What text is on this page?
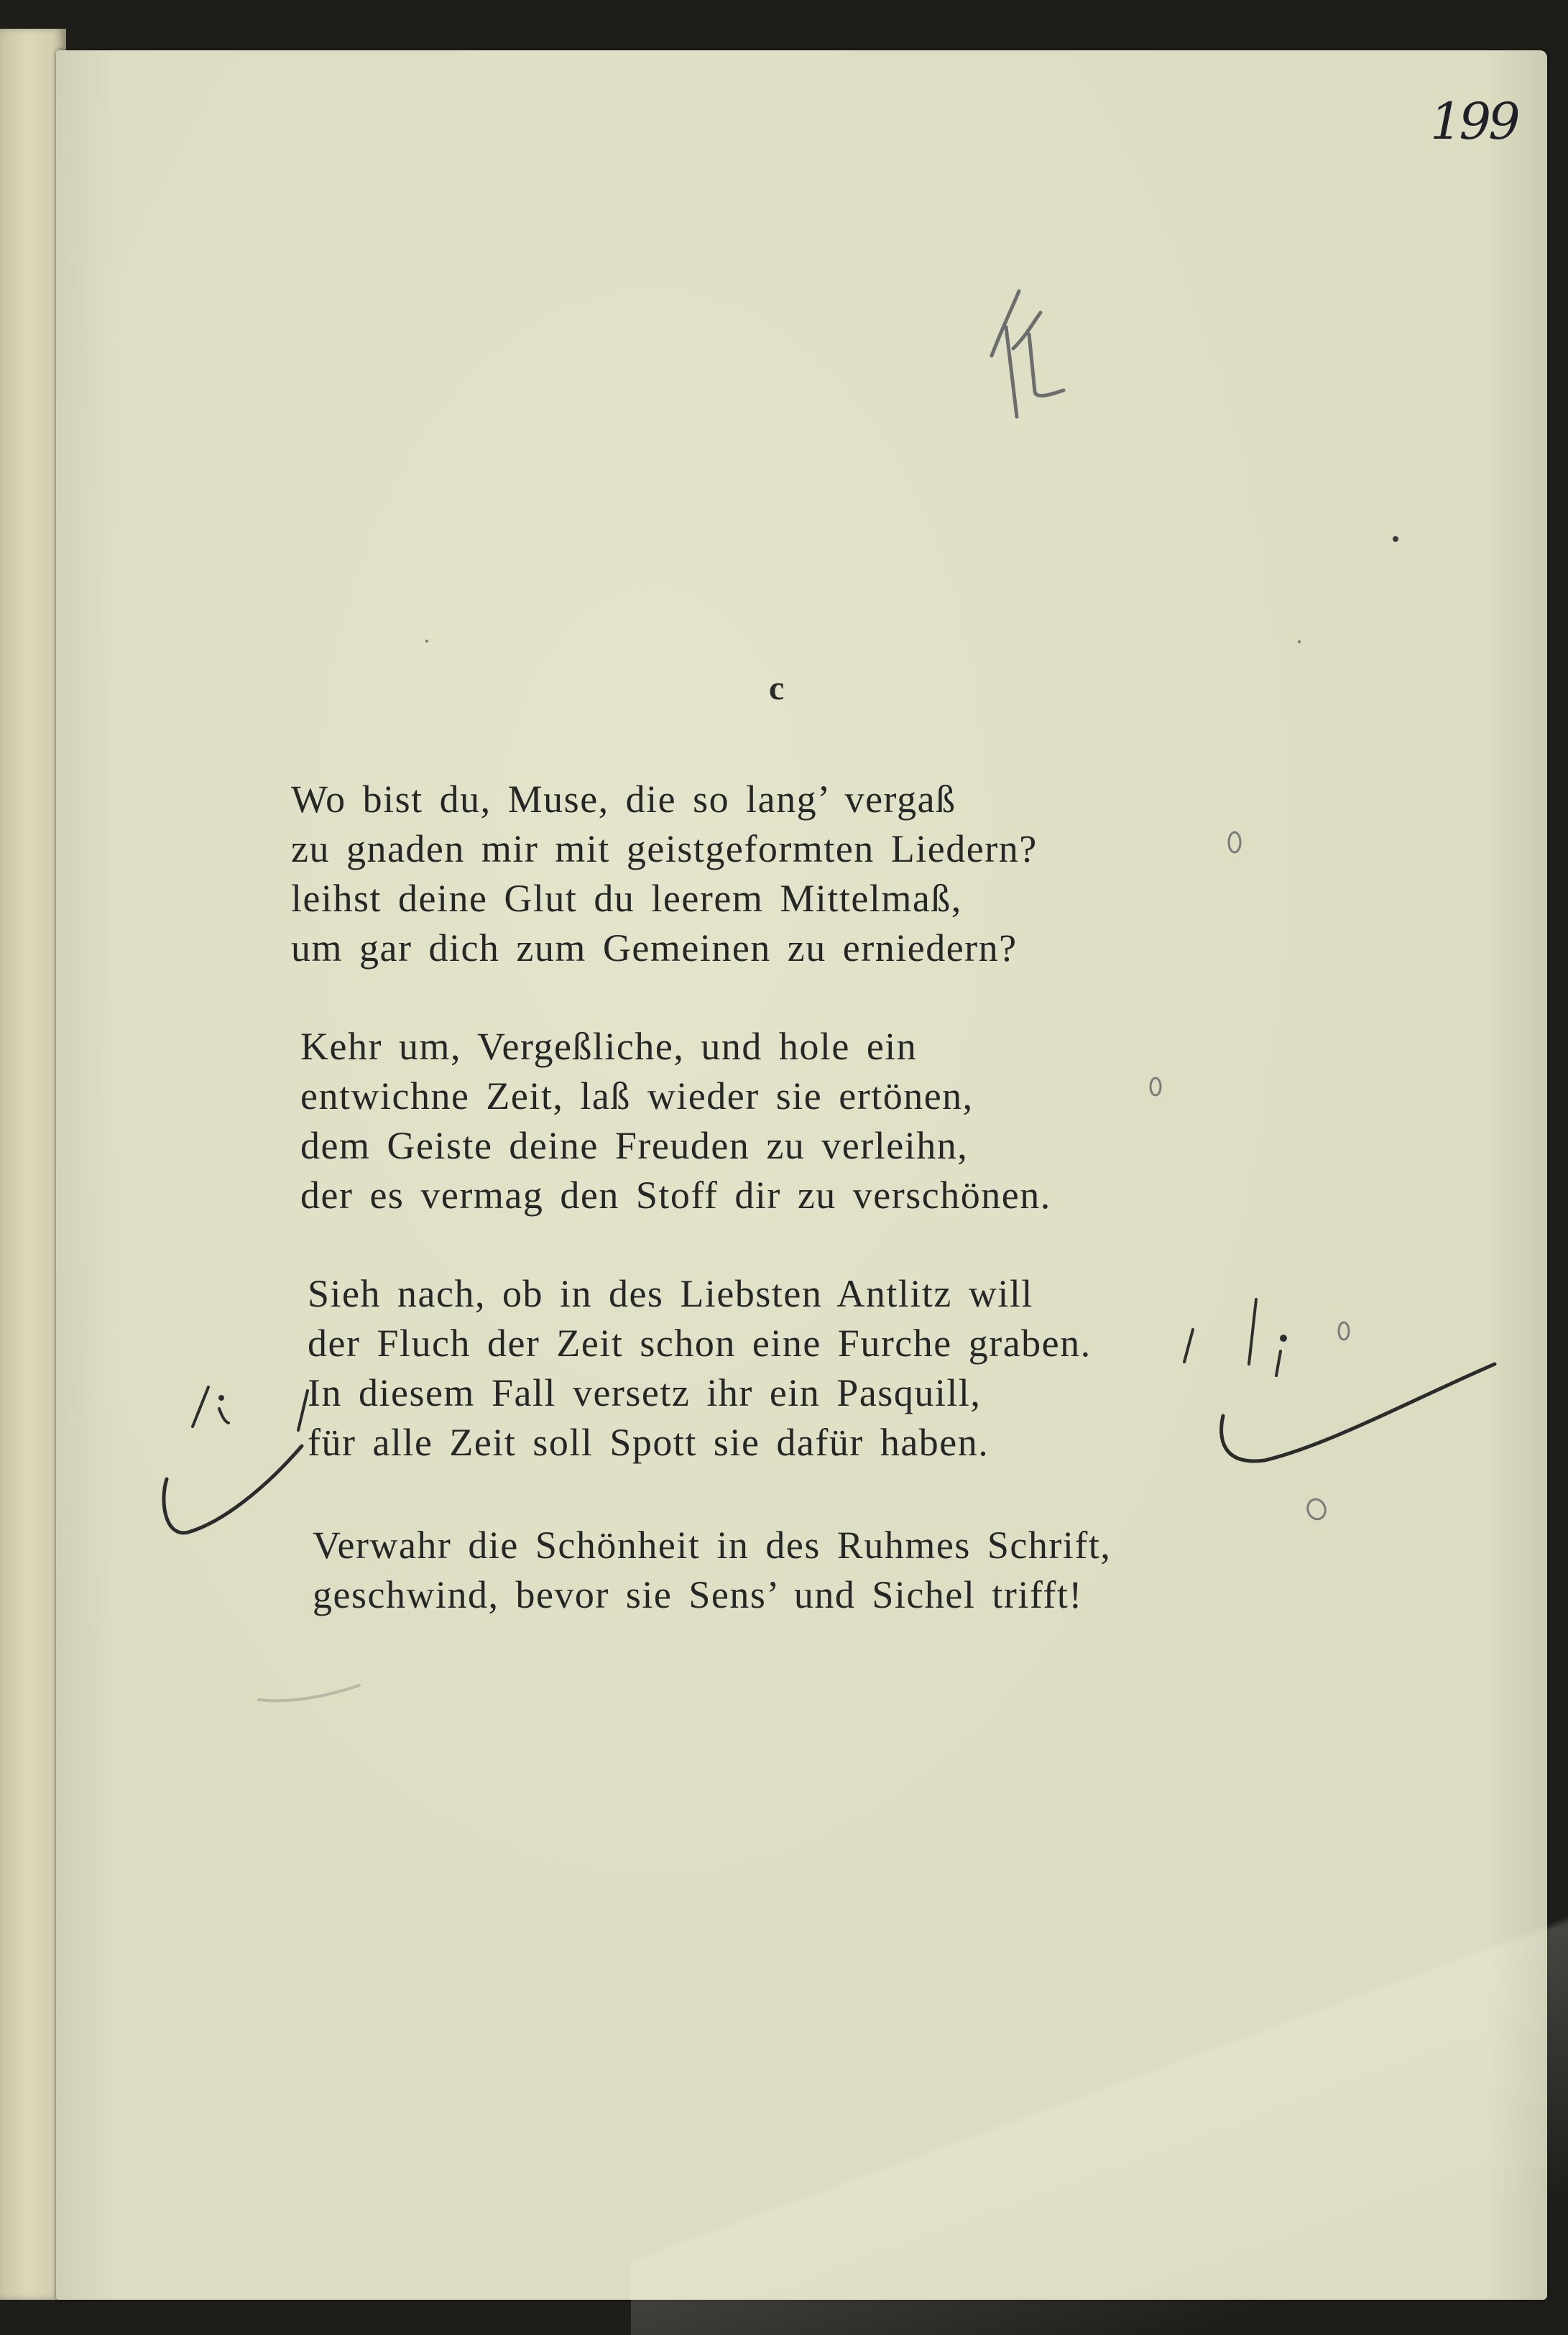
199
c
Wo bist du, Muse, die so lang’ vergaß
zu gnaden mir mit geistgeformten Liedern?
leihst deine Glut du leerem Mittelmaß,
um gar dich zum Gemeinen zu erniedern?
Kehr um, Vergeßliche, und hole ein
entwichne Zeit, laß wieder sie ertönen,
dem Geiste deine Freuden zu verleihn,
der es vermag den Stoff dir zu verschönen.
Sieh nach, ob in des Liebsten Antlitz will
der Fluch der Zeit schon eine Furche graben.
In diesem Fall versetz ihr ein Pasquill,
für alle Zeit soll Spott sie dafür haben.
Verwahr die Schönheit in des Ruhmes Schrift,
geschwind, bevor sie Sens’ und Sichel trifft!
